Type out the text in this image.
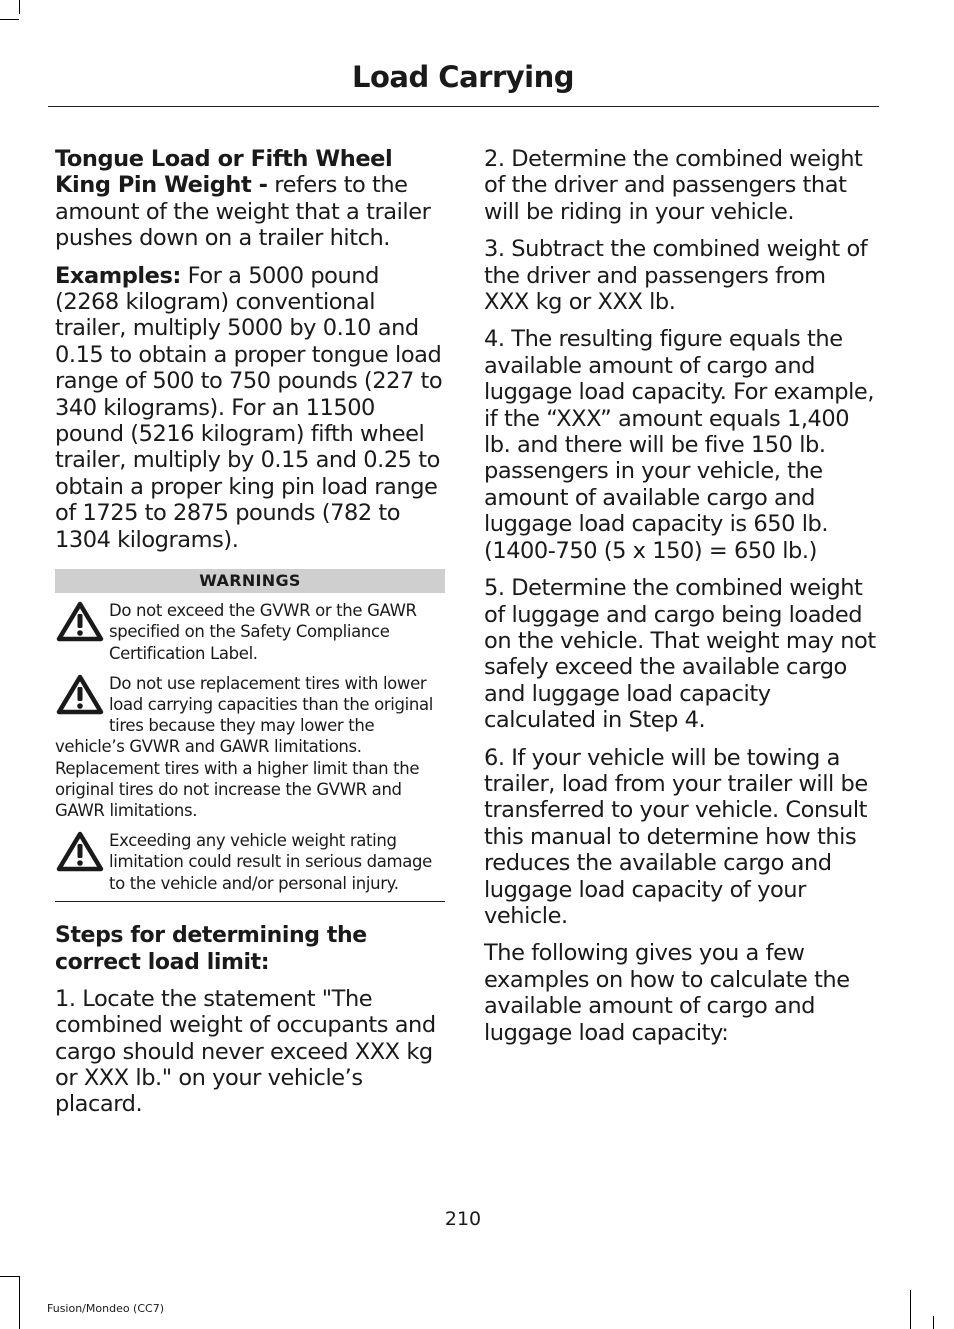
Load Carrying

Tongue Load or Fifth Wheel King Pin Weight - refers to the amount of the weight that a trailer pushes down on a trailer hitch.

Examples: For a 5000 pound (2268 kilogram) conventional trailer, multiply 5000 by 0.10 and 0.15 to obtain a proper tongue load range of 500 to 750 pounds (227 to 340 kilograms). For an 11500 pound (5216 kilogram) fifth wheel trailer, multiply by 0.15 and 0.25 to obtain a proper king pin load range of 1725 to 2875 pounds (782 to 1304 kilograms).

WARNINGS
Do not exceed the GVWR or the GAWR specified on the Safety Compliance Certification Label.
Do not use replacement tires with lower load carrying capacities than the original tires because they may lower the vehicle’s GVWR and GAWR limitations. Replacement tires with a higher limit than the original tires do not increase the GVWR and GAWR limitations.
Exceeding any vehicle weight rating limitation could result in serious damage to the vehicle and/or personal injury.
Steps for determining the correct load limit:

1. Locate the statement "The combined weight of occupants and cargo should never exceed XXX kg or XXX lb." on your vehicle’s placard.

2. Determine the combined weight of the driver and passengers that will be riding in your vehicle.

3. Subtract the combined weight of the driver and passengers from XXX kg or XXX lb.

4. The resulting figure equals the available amount of cargo and luggage load capacity. For example, if the “XXX” amount equals 1,400 lb. and there will be five 150 lb. passengers in your vehicle, the amount of available cargo and luggage load capacity is 650 lb. (1400-750 (5 x 150) = 650 lb.)

5. Determine the combined weight of luggage and cargo being loaded on the vehicle. That weight may not safely exceed the available cargo and luggage load capacity calculated in Step 4.

6. If your vehicle will be towing a trailer, load from your trailer will be transferred to your vehicle. Consult this manual to determine how this reduces the available cargo and luggage load capacity of your vehicle.

The following gives you a few examples on how to calculate the available amount of cargo and luggage load capacity:

210
Fusion/Mondeo (CC7)
